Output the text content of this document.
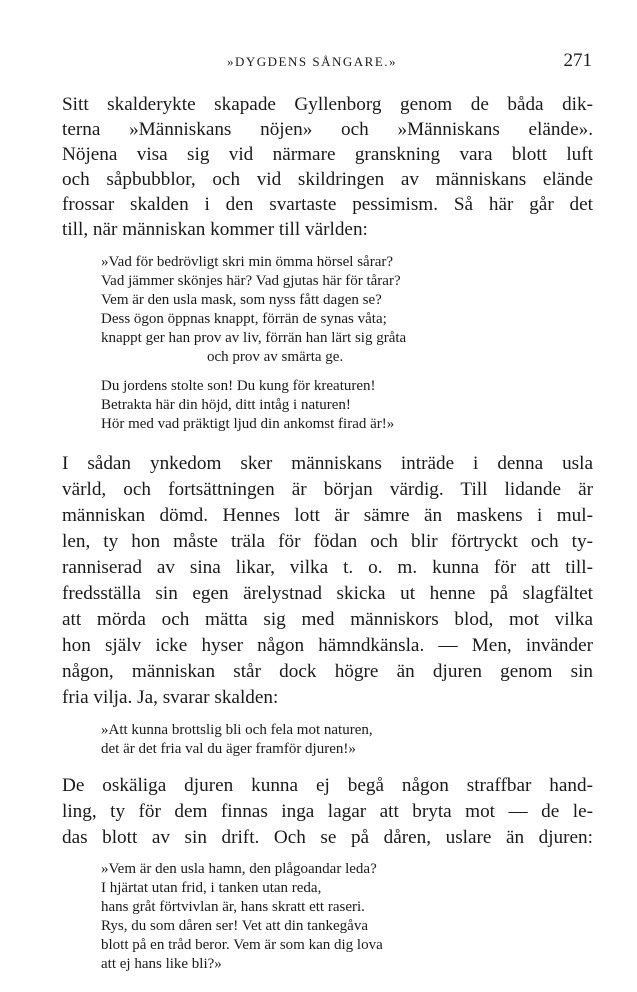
»DYGDENS SÅNGARE.»	271
Sitt skalderykte skapade Gyllenborg genom de båda dik-
terna »Människans nöjen» och »Människans elände».
Nöjena visa sig vid närmare granskning vara blott luft
och såpbubblor, och vid skildringen av människans elände
frossar skalden i den svartaste pessimism. Så här går det
till, när människan kommer till världen:
»Vad för bedrövligt skri min ömma hörsel sårar?
Vad jämmer skönjes här? Vad gjutas här för tårar?
Vem är den usla mask, som nyss fått dagen se?
Dess ögon öppnas knappt, förrän de synas våta;
knappt ger han prov av liv, förrän han lärt sig gråta
och prov av smärta ge.
Du jordens stolte son! Du kung för kreaturen!
Betrakta här din höjd, ditt intåg i naturen!
Hör med vad präktigt ljud din ankomst firad är!»
I sådan ynkedom sker människans inträde i denna usla
värld, och fortsättningen är början värdig. Till lidande är
människan dömd. Hennes lott är sämre än maskens i mul-
len, ty hon måste träla för födan och blir förtryckt och ty-
ranniserad av sina likar, vilka t. o. m. kunna för att till-
fredsställa sin egen ärelystnad skicka ut henne på slagfältet
att mörda och mätta sig med människors blod, mot vilka
hon själv icke hyser någon hämndkänsla. — Men, invänder
någon, människan står dock högre än djuren genom sin
fria vilja. Ja, svarar skalden:
»Att kunna brottslig bli och fela mot naturen,
det är det fria val du äger framför djuren!»
De oskäliga djuren kunna ej begå någon straffbar hand-
ling, ty för dem finnas inga lagar att bryta mot — de le-
das blott av sin drift. Och se på dåren, uslare än djuren:
»Vem är den usla hamn, den plågoandar leda?
I hjärtat utan frid, i tanken utan reda,
hans gråt förtvivlan är, hans skratt ett raseri.
Rys, du som dåren ser! Vet att din tankegåva
blott på en tråd beror. Vem är som kan dig lova
att ej hans like bli?»
